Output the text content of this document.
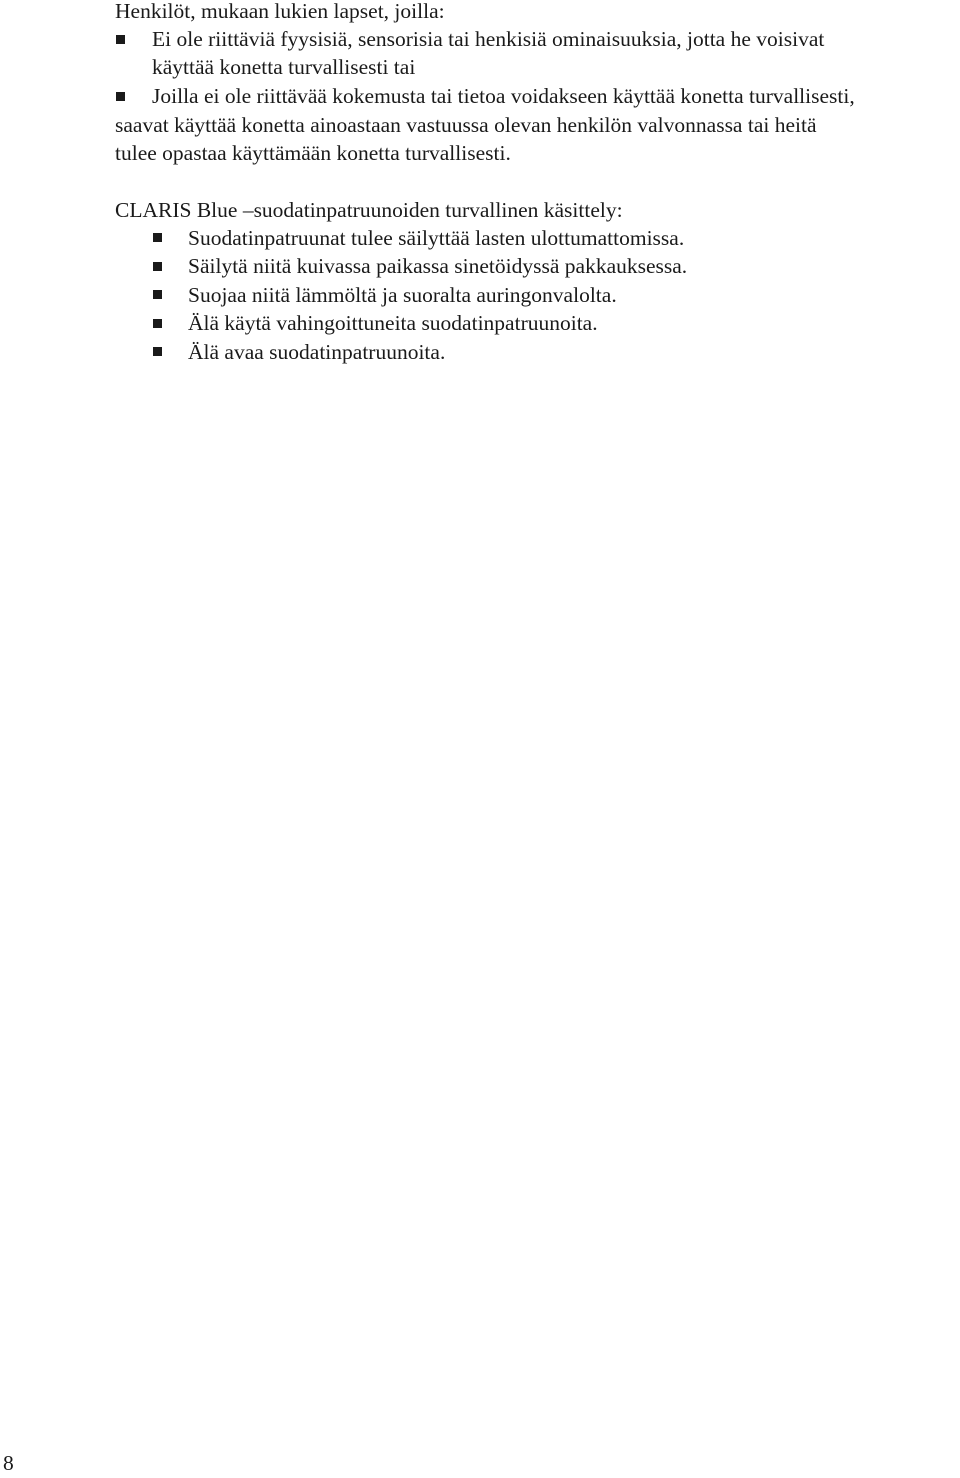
Henkilöt, mukaan lukien lapset, joilla:
Ei ole riittäviä fyysisiä, sensorisia tai henkisiä ominaisuuksia, jotta he voisivat
käyttää konetta turvallisesti tai
Joilla ei ole riittävää kokemusta tai tietoa voidakseen käyttää konetta turvallisesti,
saavat käyttää konetta ainoastaan vastuussa olevan henkilön valvonnassa tai heitä
tulee opastaa käyttämään konetta turvallisesti.
CLARIS Blue –suodatinpatruunoiden turvallinen käsittely:
Suodatinpatruunat tulee säilyttää lasten ulottumattomissa.
Säilytä niitä kuivassa paikassa sinetöidyssä pakkauksessa.
Suojaa niitä lämmöltä ja suoralta auringonvalolta.
Älä käytä vahingoittuneita suodatinpatruunoita.
Älä avaa suodatinpatruunoita.
8
